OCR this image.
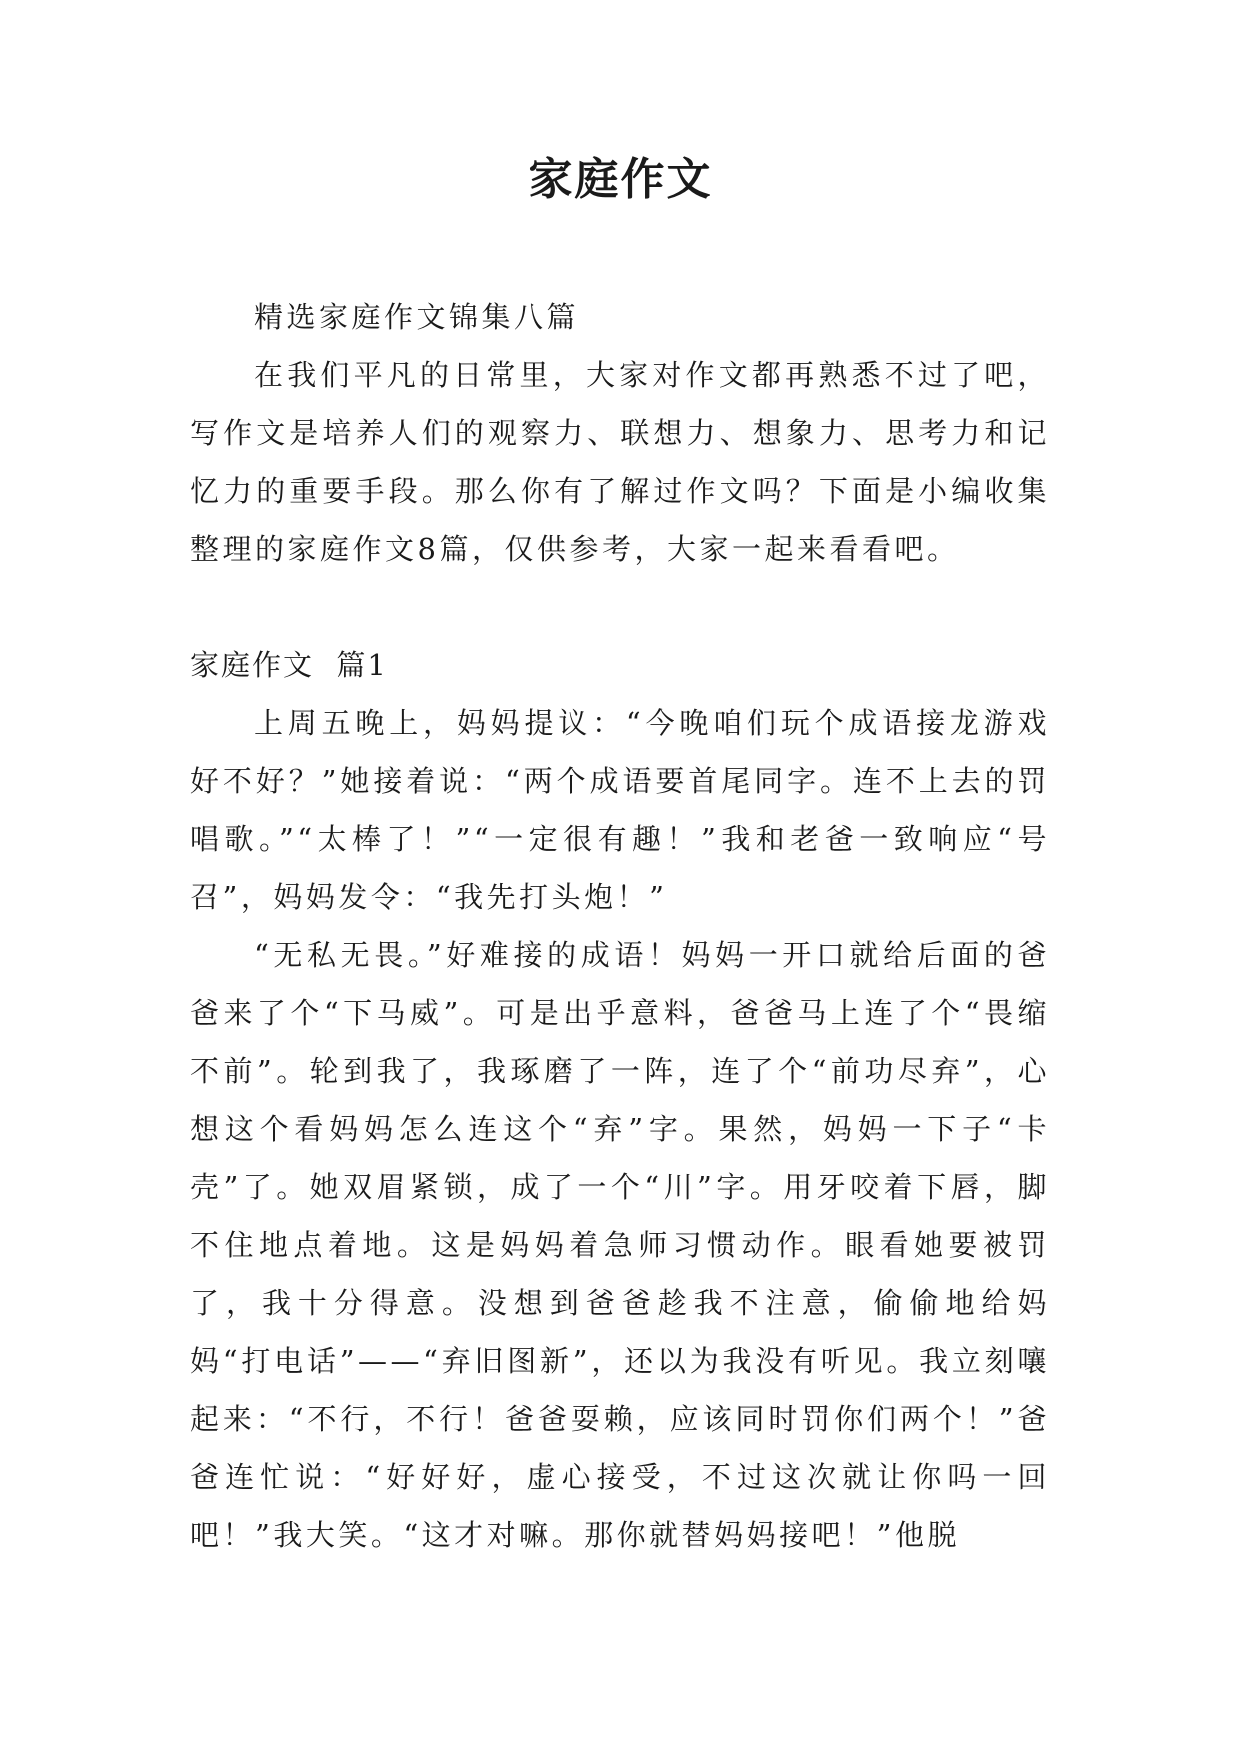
家庭作文

精选家庭作文锦集八篇

在我们平凡的日常里，大家对作文都再熟悉不过了吧，写作文是培养人们的观察力、联想力、想象力、思考力和记忆力的重要手段。那么你有了解过作文吗？下面是小编收集整理的家庭作文8篇，仅供参考，大家一起来看看吧。

家庭作文  篇1

上周五晚上，妈妈提议：“今晚咱们玩个成语接龙游戏好不好？”她接着说：“两个成语要首尾同字。连不上去的罚唱歌。”“太棒了！”“一定很有趣！”我和老爸一致响应“号召”，妈妈发令：“我先打头炮！”

“无私无畏。”好难接的成语！妈妈一开口就给后面的爸爸来了个“下马威”。可是出乎意料，爸爸马上连了个“畏缩不前”。轮到我了，我琢磨了一阵，连了个“前功尽弃”，心想这个看妈妈怎么连这个“弃”字。果然，妈妈一下子“卡壳”了。她双眉紧锁，成了一个“川”字。用牙咬着下唇，脚不住地点着地。这是妈妈着急师习惯动作。眼看她要被罚了，我十分得意。没想到爸爸趁我不注意，偷偷地给妈妈“打电话”——“弃旧图新”，还以为我没有听见。我立刻嚷起来：“不行，不行！爸爸耍赖，应该同时罚你们两个！”爸爸连忙说：“好好好，虚心接受，不过这次就让你吗一回吧！”我大笑。“这才对嘛。那你就替妈妈接吧！”他脱
